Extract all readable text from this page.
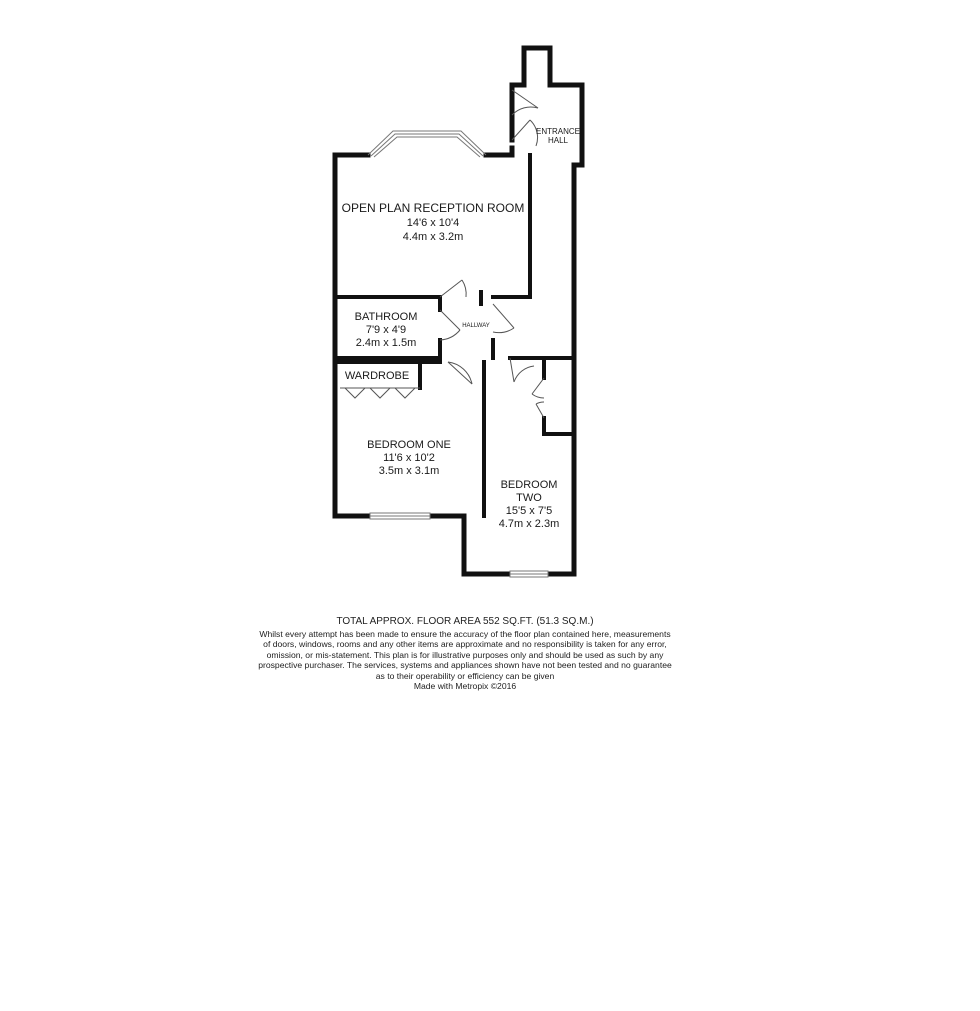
ENTRANCE
HALL
OPEN PLAN RECEPTION ROOM
14'6 x 10'4
4.4m x 3.2m
BATHROOM
7'9 x 4'9
2.4m x 1.5m
HALLWAY
WARDROBE
BEDROOM ONE
11'6 x 10'2
3.5m x 3.1m
BEDROOM
TWO
15'5 x 7'5
4.7m x 2.3m
TOTAL APPROX. FLOOR AREA 552 SQ.FT. (51.3 SQ.M.)
Whilst every attempt has been made to ensure the accuracy of the floor plan contained here, measurements
of doors, windows, rooms and any other items are approximate and no responsibility is taken for any error,
omission, or mis-statement. This plan is for illustrative purposes only and should be used as such by any
prospective purchaser. The services, systems and appliances shown have not been tested and no guarantee
as to their operability or efficiency can be given
Made with Metropix ©2016
